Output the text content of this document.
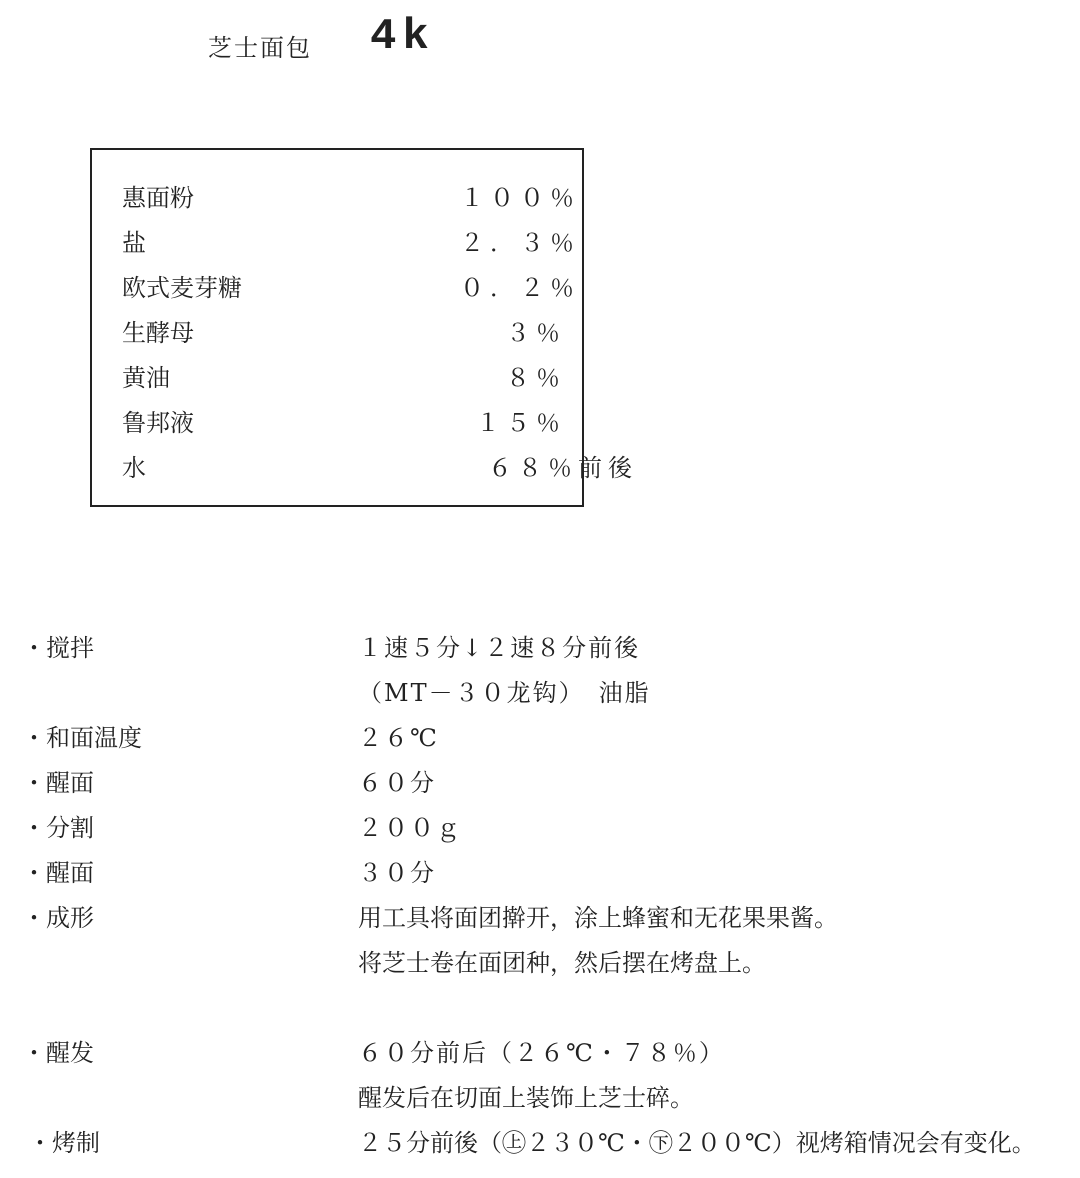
芝士面包 4k
惠面粉	１００％
盐	２．３％
欧式麦芽糖	０．２％
生酵母	３％
黄油	８％
鲁邦液	１５％
水	６８％前後
・搅拌	１速５分↓２速８分前後
（MT－３０龙钩）　油脂
・和面温度	２６℃
・醒面	６０分
・分割	２００ｇ
・醒面	３０分
・成形	用工具将面团擀开，涂上蜂蜜和无花果果酱。
将芝士卷在面团种，然后摆在烤盘上。
・醒发	６０分前后（２６℃・７８％）
醒发后在切面上装饰上芝士碎。
・烤制	２５分前後（㊤２３０℃・㊦２００℃）视烤箱情况会有变化。
